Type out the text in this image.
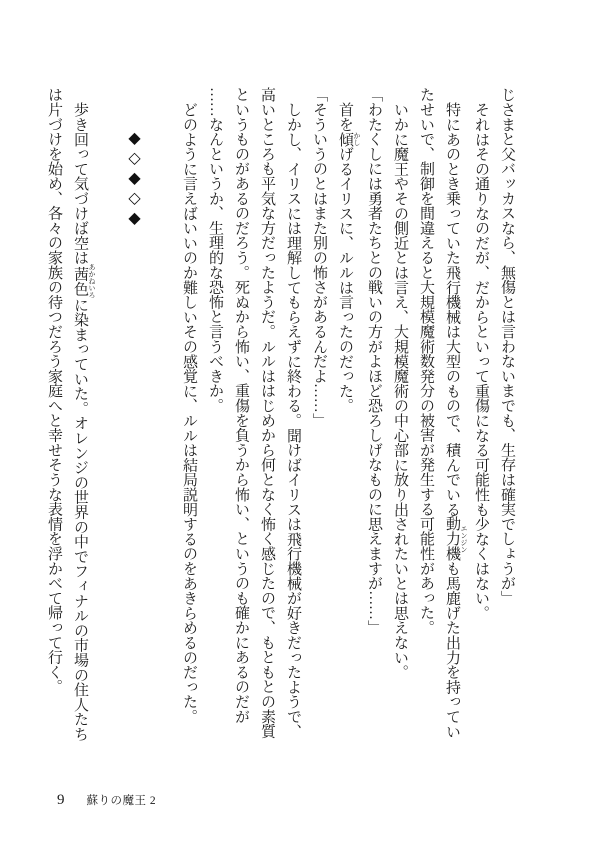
じさまと父バッカスなら、無傷とは言わないまでも、生存は確実でしょうが」
それはその通りなのだが、だからといって重傷になる可能性も少なくはない。
特にあのとき乗っていた飛行機械は大型のもので、積んでいる動力機 エンジンも馬鹿げた出力を持ってい
たせいで、制御を間違えると大規模魔術数発分の被害が発生する可能性があった。
いかに魔王やその側近とは言え、大規模魔術の中心部に放り出されたいとは思えない。
「わたくしには勇者たちとの戦いの方がよほど恐ろしげなものに思えますが……」
首を傾 かしげるイリスに、ルルは言ったのだった。
「そういうのとはまた別の怖さがあるんだよ……」
しかし、イリスには理解してもらえずに終わる。聞けばイリスは飛行機械が好きだったようで、
高いところも平気な方だったようだ。ルルははじめから何となく怖く感じたので、もともとの素質
というものがあるのだろう。死ぬから怖い、重傷を負うから怖い、というのも確かにあるのだが
……なんというか、生理的な恐怖と言うべきか。
どのように言えばいいのか難しいその感覚に、ルルは結局説明するのをあきらめるのだった。
◆◇◆◇◆
歩き回って気づけば空は茜色 あかねいろに染まっていた。オレンジの世界の中でフィナルの市場の住人たち
は片づけを始め、各々の家族の待つだろう家庭へと幸せそうな表情を浮かべて帰って行く。
9 蘇りの魔王 2
